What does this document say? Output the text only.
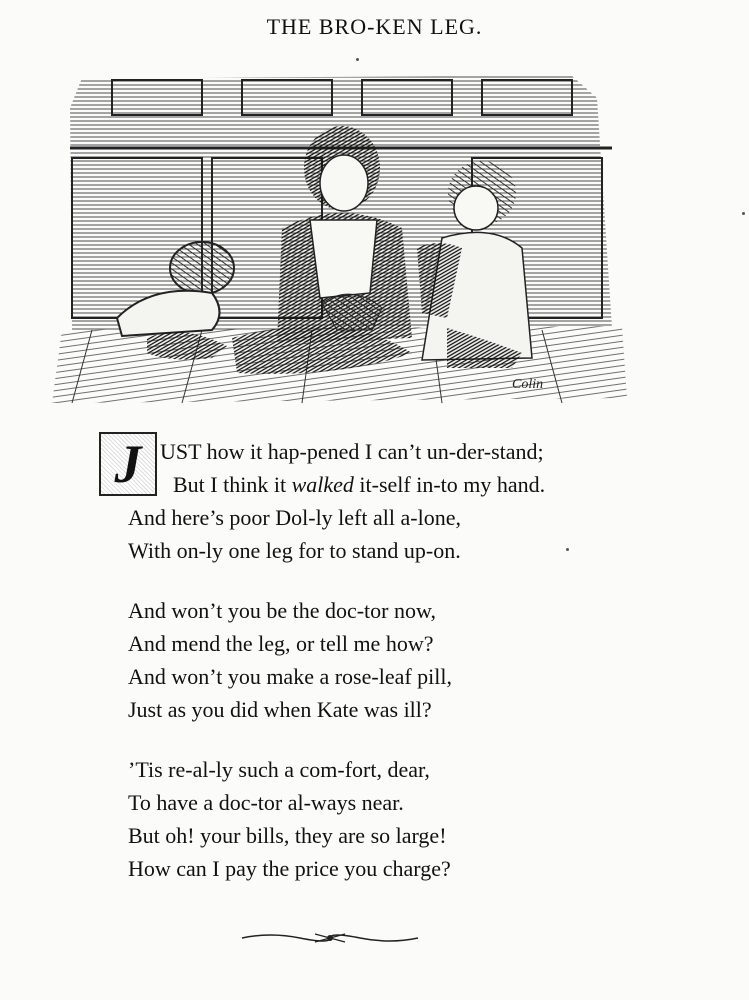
THE BRO-KEN LEG.
Colin
J UST how it hap-pened I can’t un-der-stand;
But I think it walked it-self in-to my hand.
And here’s poor Dol-ly left all a-lone,
With on-ly one leg for to stand up-on.
And won’t you be the doc-tor now,
And mend the leg, or tell me how?
And won’t you make a rose-leaf pill,
Just as you did when Kate was ill?
’Tis re-al-ly such a com-fort, dear,
To have a doc-tor al-ways near.
But oh! your bills, they are so large!
How can I pay the price you charge?
